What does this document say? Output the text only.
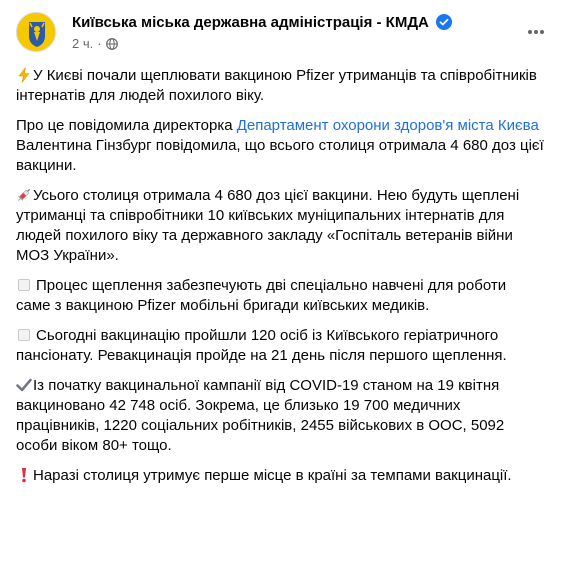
Київська міська державна адміністрація - КМДА
2 ч. ·

У Києві почали щеплювати вакциною Pfizer утриманців та співробітників інтернатів для людей похилого віку.

Про це повідомила директорка Департамент охорони здоров'я міста Києва Валентина Гінзбург повідомила, що всього столиця отримала 4 680 доз цієї вакцини.

Усього столиця отримала 4 680 доз цієї вакцини. Нею будуть щеплені утриманці та співробітники 10 київських муніципальних інтернатів для людей похилого віку та державного закладу «Госпіталь ветеранів війни МОЗ України».

Процес щеплення забезпечують дві спеціально навчені для роботи саме з вакциною Pfizer мобільні бригади київських медиків.

Сьогодні вакцинацію пройшли 120 осіб із Київського геріатричного пансіонату. Ревакцинація пройде на 21 день після першого щеплення.

Із початку вакцинальної кампанії від COVID-19 станом на 19 квітня вакциновано 42 748 осіб. Зокрема, це близько 19 700 медичних працівників, 1220 соціальних робітників, 2455 військових в ООС, 5092 особи віком 80+ тощо.

Наразі столиця утримує перше місце в країні за темпами вакцинації.
